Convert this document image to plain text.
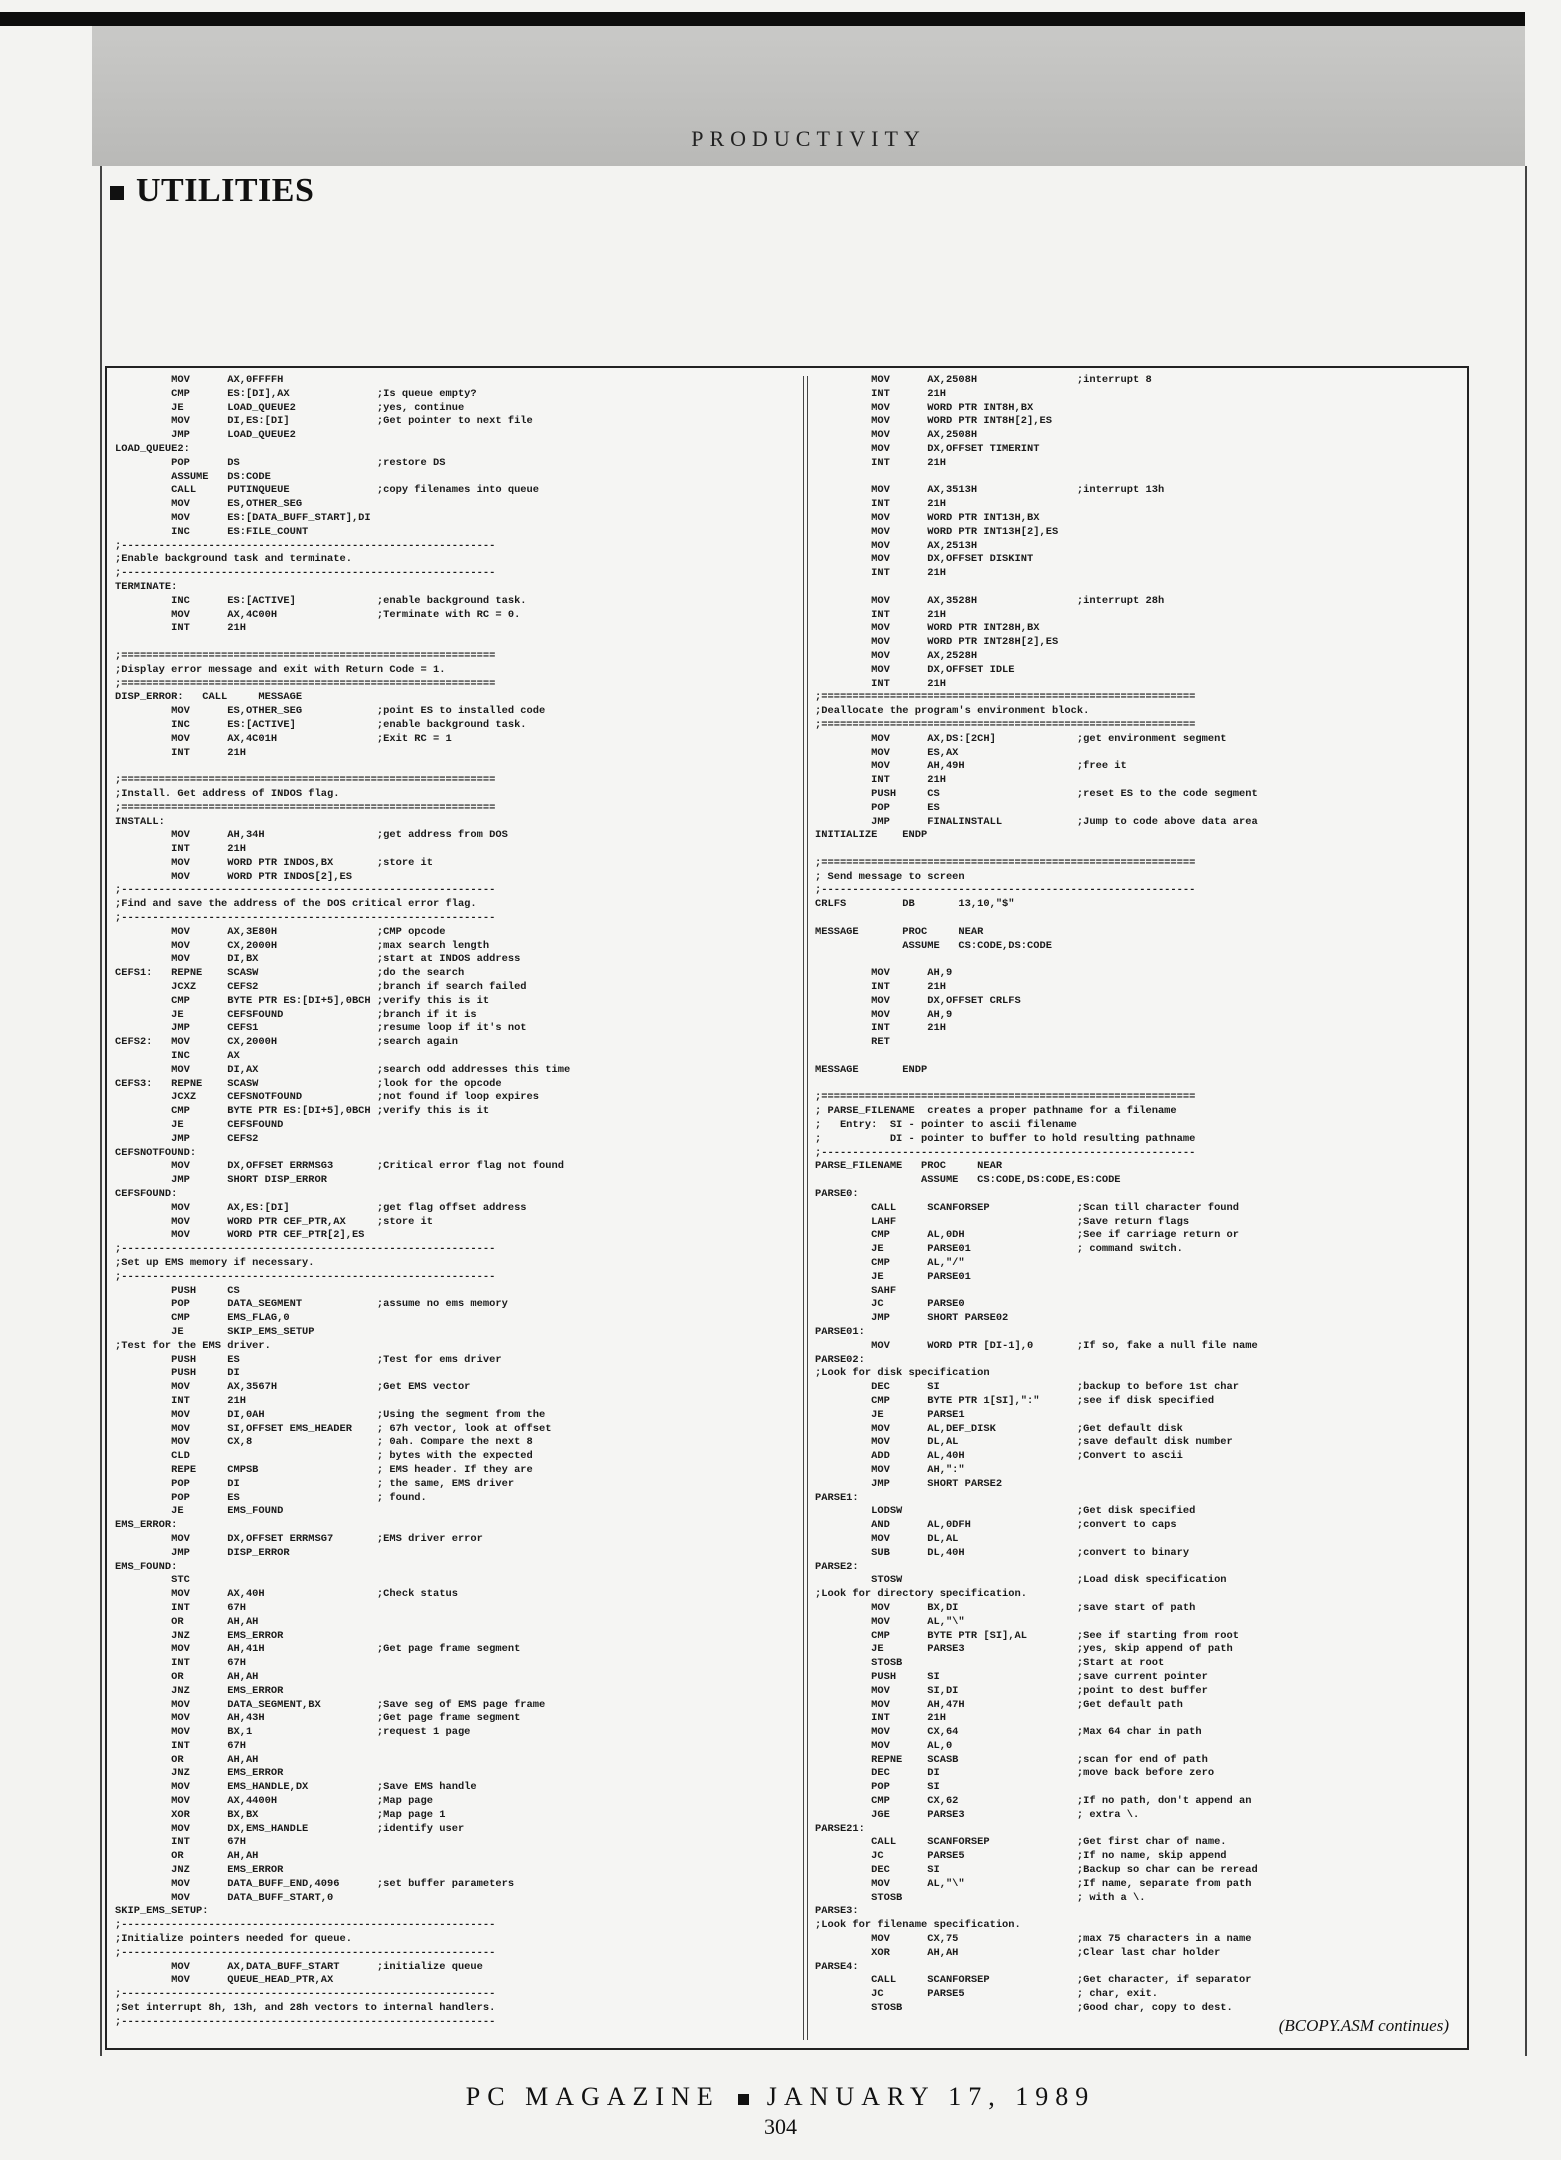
PRODUCTIVITY
UTILITIES
MOV      AX,0FFFFH
CMP      ES:[DI],AX              ;Is queue empty?
JE       LOAD_QUEUE2             ;yes, continue
MOV      DI,ES:[DI]              ;Get pointer to next file
JMP      LOAD_QUEUE2
LOAD_QUEUE2:
POP      DS                      ;restore DS
ASSUME   DS:CODE
CALL     PUTINQUEUE              ;copy filenames into queue
MOV      ES,OTHER_SEG
MOV      ES:[DATA_BUFF_START],DI
INC      ES:FILE_COUNT
;------------------------------------------------------------
;Enable background task and terminate.
;------------------------------------------------------------
TERMINATE:
INC      ES:[ACTIVE]             ;enable background task.
MOV      AX,4C00H                ;Terminate with RC = 0.
INT      21H

;============================================================
;Display error message and exit with Return Code = 1.
;============================================================
DISP_ERROR:   CALL     MESSAGE
MOV      ES,OTHER_SEG            ;point ES to installed code
INC      ES:[ACTIVE]             ;enable background task.
MOV      AX,4C01H                ;Exit RC = 1
INT      21H

;============================================================
;Install. Get address of INDOS flag.
;============================================================
INSTALL:
MOV      AH,34H                  ;get address from DOS
INT      21H
MOV      WORD PTR INDOS,BX       ;store it
MOV      WORD PTR INDOS[2],ES
;------------------------------------------------------------
;Find and save the address of the DOS critical error flag.
;------------------------------------------------------------
MOV      AX,3E80H                ;CMP opcode
MOV      CX,2000H                ;max search length
MOV      DI,BX                   ;start at INDOS address
CEFS1:   REPNE    SCASW                   ;do the search
JCXZ     CEFS2                   ;branch if search failed
CMP      BYTE PTR ES:[DI+5],0BCH ;verify this is it
JE       CEFSFOUND               ;branch if it is
JMP      CEFS1                   ;resume loop if it's not
CEFS2:   MOV      CX,2000H                ;search again
INC      AX
MOV      DI,AX                   ;search odd addresses this time
CEFS3:   REPNE    SCASW                   ;look for the opcode
JCXZ     CEFSNOTFOUND            ;not found if loop expires
CMP      BYTE PTR ES:[DI+5],0BCH ;verify this is it
JE       CEFSFOUND
JMP      CEFS2
CEFSNOTFOUND:
MOV      DX,OFFSET ERRMSG3       ;Critical error flag not found
JMP      SHORT DISP_ERROR
CEFSFOUND:
MOV      AX,ES:[DI]              ;get flag offset address
MOV      WORD PTR CEF_PTR,AX     ;store it
MOV      WORD PTR CEF_PTR[2],ES
;------------------------------------------------------------
;Set up EMS memory if necessary.
;------------------------------------------------------------
PUSH     CS
POP      DATA_SEGMENT            ;assume no ems memory
CMP      EMS_FLAG,0
JE       SKIP_EMS_SETUP
;Test for the EMS driver.
PUSH     ES                      ;Test for ems driver
PUSH     DI
MOV      AX,3567H                ;Get EMS vector
INT      21H
MOV      DI,0AH                  ;Using the segment from the
MOV      SI,OFFSET EMS_HEADER    ; 67h vector, look at offset
MOV      CX,8                    ; 0ah. Compare the next 8
CLD                              ; bytes with the expected
REPE     CMPSB                   ; EMS header. If they are
POP      DI                      ; the same, EMS driver
POP      ES                      ; found.
JE       EMS_FOUND
EMS_ERROR:
MOV      DX,OFFSET ERRMSG7       ;EMS driver error
JMP      DISP_ERROR
EMS_FOUND:
STC
MOV      AX,40H                  ;Check status
INT      67H
OR       AH,AH
JNZ      EMS_ERROR
MOV      AH,41H                  ;Get page frame segment
INT      67H
OR       AH,AH
JNZ      EMS_ERROR
MOV      DATA_SEGMENT,BX         ;Save seg of EMS page frame
MOV      AH,43H                  ;Get page frame segment
MOV      BX,1                    ;request 1 page
INT      67H
OR       AH,AH
JNZ      EMS_ERROR
MOV      EMS_HANDLE,DX           ;Save EMS handle
MOV      AX,4400H                ;Map page
XOR      BX,BX                   ;Map page 1
MOV      DX,EMS_HANDLE           ;identify user
INT      67H
OR       AH,AH
JNZ      EMS_ERROR
MOV      DATA_BUFF_END,4096      ;set buffer parameters
MOV      DATA_BUFF_START,0
SKIP_EMS_SETUP:
;------------------------------------------------------------
;Initialize pointers needed for queue.
;------------------------------------------------------------
MOV      AX,DATA_BUFF_START      ;initialize queue
MOV      QUEUE_HEAD_PTR,AX
;------------------------------------------------------------
;Set interrupt 8h, 13h, and 28h vectors to internal handlers.
;------------------------------------------------------------
MOV      AX,2508H                ;interrupt 8
INT      21H
MOV      WORD PTR INT8H,BX
MOV      WORD PTR INT8H[2],ES
MOV      AX,2508H
MOV      DX,OFFSET TIMERINT
INT      21H

MOV      AX,3513H                ;interrupt 13h
INT      21H
MOV      WORD PTR INT13H,BX
MOV      WORD PTR INT13H[2],ES
MOV      AX,2513H
MOV      DX,OFFSET DISKINT
INT      21H

MOV      AX,3528H                ;interrupt 28h
INT      21H
MOV      WORD PTR INT28H,BX
MOV      WORD PTR INT28H[2],ES
MOV      AX,2528H
MOV      DX,OFFSET IDLE
INT      21H
;============================================================
;Deallocate the program's environment block.
;============================================================
MOV      AX,DS:[2CH]             ;get environment segment
MOV      ES,AX
MOV      AH,49H                  ;free it
INT      21H
PUSH     CS                      ;reset ES to the code segment
POP      ES
JMP      FINALINSTALL            ;Jump to code above data area
INITIALIZE    ENDP

;============================================================
; Send message to screen
;------------------------------------------------------------
CRLFS         DB       13,10,"$"

MESSAGE       PROC     NEAR
ASSUME   CS:CODE,DS:CODE

MOV      AH,9
INT      21H
MOV      DX,OFFSET CRLFS
MOV      AH,9
INT      21H
RET

MESSAGE       ENDP

;============================================================
; PARSE_FILENAME  creates a proper pathname for a filename
;   Entry:  SI - pointer to ascii filename
;           DI - pointer to buffer to hold resulting pathname
;------------------------------------------------------------
PARSE_FILENAME   PROC     NEAR
ASSUME   CS:CODE,DS:CODE,ES:CODE
PARSE0:
CALL     SCANFORSEP              ;Scan till character found
LAHF                             ;Save return flags
CMP      AL,0DH                  ;See if carriage return or
JE       PARSE01                 ; command switch.
CMP      AL,"/"
JE       PARSE01
SAHF
JC       PARSE0
JMP      SHORT PARSE02
PARSE01:
MOV      WORD PTR [DI-1],0       ;If so, fake a null file name
PARSE02:
;Look for disk specification
DEC      SI                      ;backup to before 1st char
CMP      BYTE PTR 1[SI],":"      ;see if disk specified
JE       PARSE1
MOV      AL,DEF_DISK             ;Get default disk
MOV      DL,AL                   ;save default disk number
ADD      AL,40H                  ;Convert to ascii
MOV      AH,":"
JMP      SHORT PARSE2
PARSE1:
LODSW                            ;Get disk specified
AND      AL,0DFH                 ;convert to caps
MOV      DL,AL
SUB      DL,40H                  ;convert to binary
PARSE2:
STOSW                            ;Load disk specification
;Look for directory specification.
MOV      BX,DI                   ;save start of path
MOV      AL,"\"
CMP      BYTE PTR [SI],AL        ;See if starting from root
JE       PARSE3                  ;yes, skip append of path
STOSB                            ;Start at root
PUSH     SI                      ;save current pointer
MOV      SI,DI                   ;point to dest buffer
MOV      AH,47H                  ;Get default path
INT      21H
MOV      CX,64                   ;Max 64 char in path
MOV      AL,0
REPNE    SCASB                   ;scan for end of path
DEC      DI                      ;move back before zero
POP      SI
CMP      CX,62                   ;If no path, don't append an
JGE      PARSE3                  ; extra \.
PARSE21:
CALL     SCANFORSEP              ;Get first char of name.
JC       PARSE5                  ;If no name, skip append
DEC      SI                      ;Backup so char can be reread
MOV      AL,"\"                  ;If name, separate from path
STOSB                            ; with a \.
PARSE3:
;Look for filename specification.
MOV      CX,75                   ;max 75 characters in a name
XOR      AH,AH                   ;Clear last char holder
PARSE4:
CALL     SCANFORSEP              ;Get character, if separator
JC       PARSE5                  ; char, exit.
STOSB                            ;Good char, copy to dest.
(BCOPY.ASM continues)
PC MAGAZINE JANUARY 17, 1989
304
